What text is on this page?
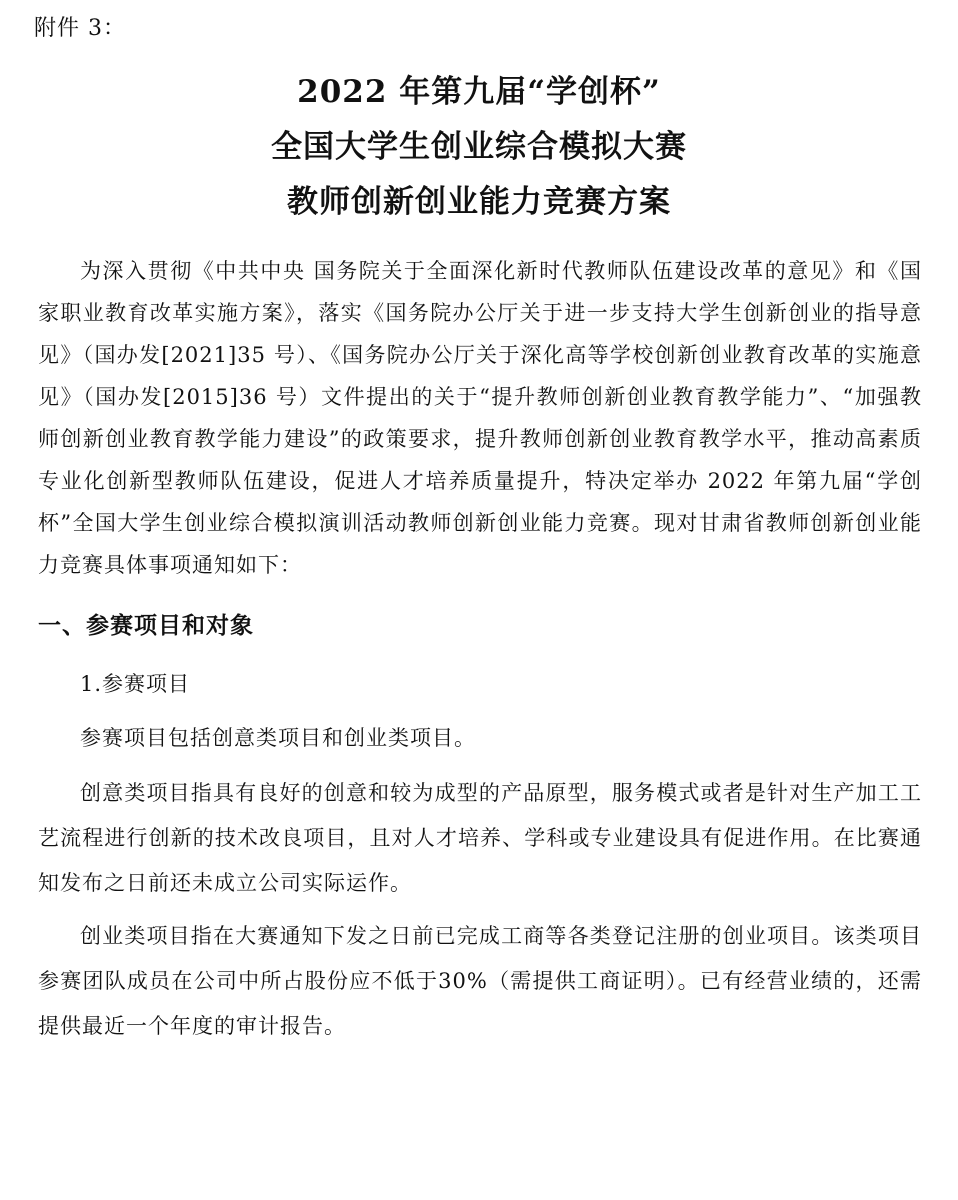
附件 3：
2022 年第九届“学创杯”
全国大学生创业综合模拟大赛
教师创新创业能力竞赛方案

为深入贯彻《中共中央 国务院关于全面深化新时代教师队伍建设改革的意见》和《国家职业教育改革实施方案》，落实《国务院办公厅关于进一步支持大学生创新创业的指导意见》（国办发[2021]35 号）、《国务院办公厅关于深化高等学校创新创业教育改革的实施意见》（国办发[2015]36 号）文件提出的关于“提升教师创新创业教育教学能力”、“加强教师创新创业教育教学能力建设”的政策要求，提升教师创新创业教育教学水平，推动高素质专业化创新型教师队伍建设，促进人才培养质量提升，特决定举办 2022 年第九届“学创杯”全国大学生创业综合模拟演训活动教师创新创业能力竞赛。现对甘肃省教师创新创业能力竞赛具体事项通知如下：

一、参赛项目和对象
1.参赛项目

参赛项目包括创意类项目和创业类项目。

创意类项目指具有良好的创意和较为成型的产品原型，服务模式或者是针对生产加工工艺流程进行创新的技术改良项目，且对人才培养、学科或专业建设具有促进作用。在比赛通知发布之日前还未成立公司实际运作。

创业类项目指在大赛通知下发之日前已完成工商等各类登记注册的创业项目。该类项目参赛团队成员在公司中所占股份应不低于30%（需提供工商证明）。已有经营业绩的，还需提供最近一个年度的审计报告。
